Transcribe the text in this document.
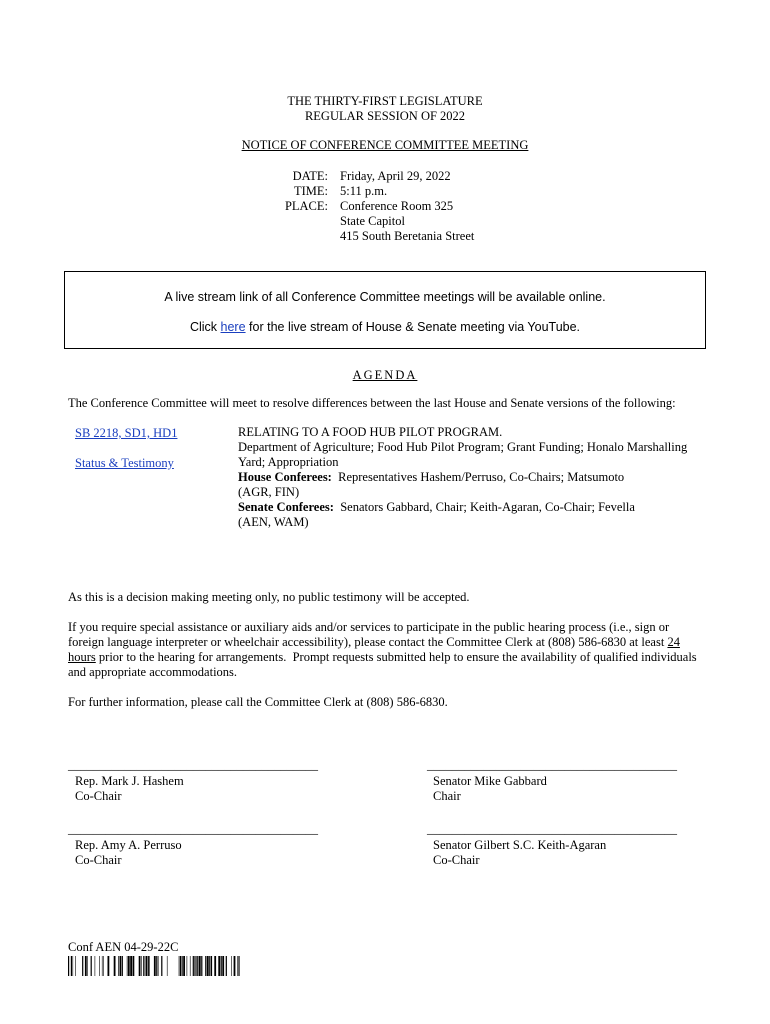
THE THIRTY-FIRST LEGISLATURE
REGULAR SESSION OF 2022
NOTICE OF CONFERENCE COMMITTEE MEETING
DATE: Friday, April 29, 2022
TIME: 5:11 p.m.
PLACE: Conference Room 325
State Capitol
415 South Beretania Street
A live stream link of all Conference Committee meetings will be available online.
Click here for the live stream of House & Senate meeting via YouTube.
AGENDA
The Conference Committee will meet to resolve differences between the last House and Senate versions of the following:
SB 2218, SD1, HD1
Status & Testimony
RELATING TO A FOOD HUB PILOT PROGRAM.
Department of Agriculture; Food Hub Pilot Program; Grant Funding; Honalo Marshalling
Yard; Appropriation
House Conferees:  Representatives Hashem/Perruso, Co-Chairs; Matsumoto
(AGR, FIN)
Senate Conferees:  Senators Gabbard, Chair; Keith-Agaran, Co-Chair; Fevella
(AEN, WAM)
As this is a decision making meeting only, no public testimony will be accepted.
If you require special assistance or auxiliary aids and/or services to participate in the public hearing process (i.e., sign or
foreign language interpreter or wheelchair accessibility), please contact the Committee Clerk at (808) 586-6830 at least 24
hours prior to the hearing for arrangements.  Prompt requests submitted help to ensure the availability of qualified individuals
and appropriate accommodations.
For further information, please call the Committee Clerk at (808) 586-6830.
________________________________________
Rep. Mark J. Hashem
Co-Chair
________________________________________
Senator Mike Gabbard
Chair
________________________________________
Rep. Amy A. Perruso
Co-Chair
________________________________________
Senator Gilbert S.C. Keith-Agaran
Co-Chair
Conf AEN 04-29-22C
